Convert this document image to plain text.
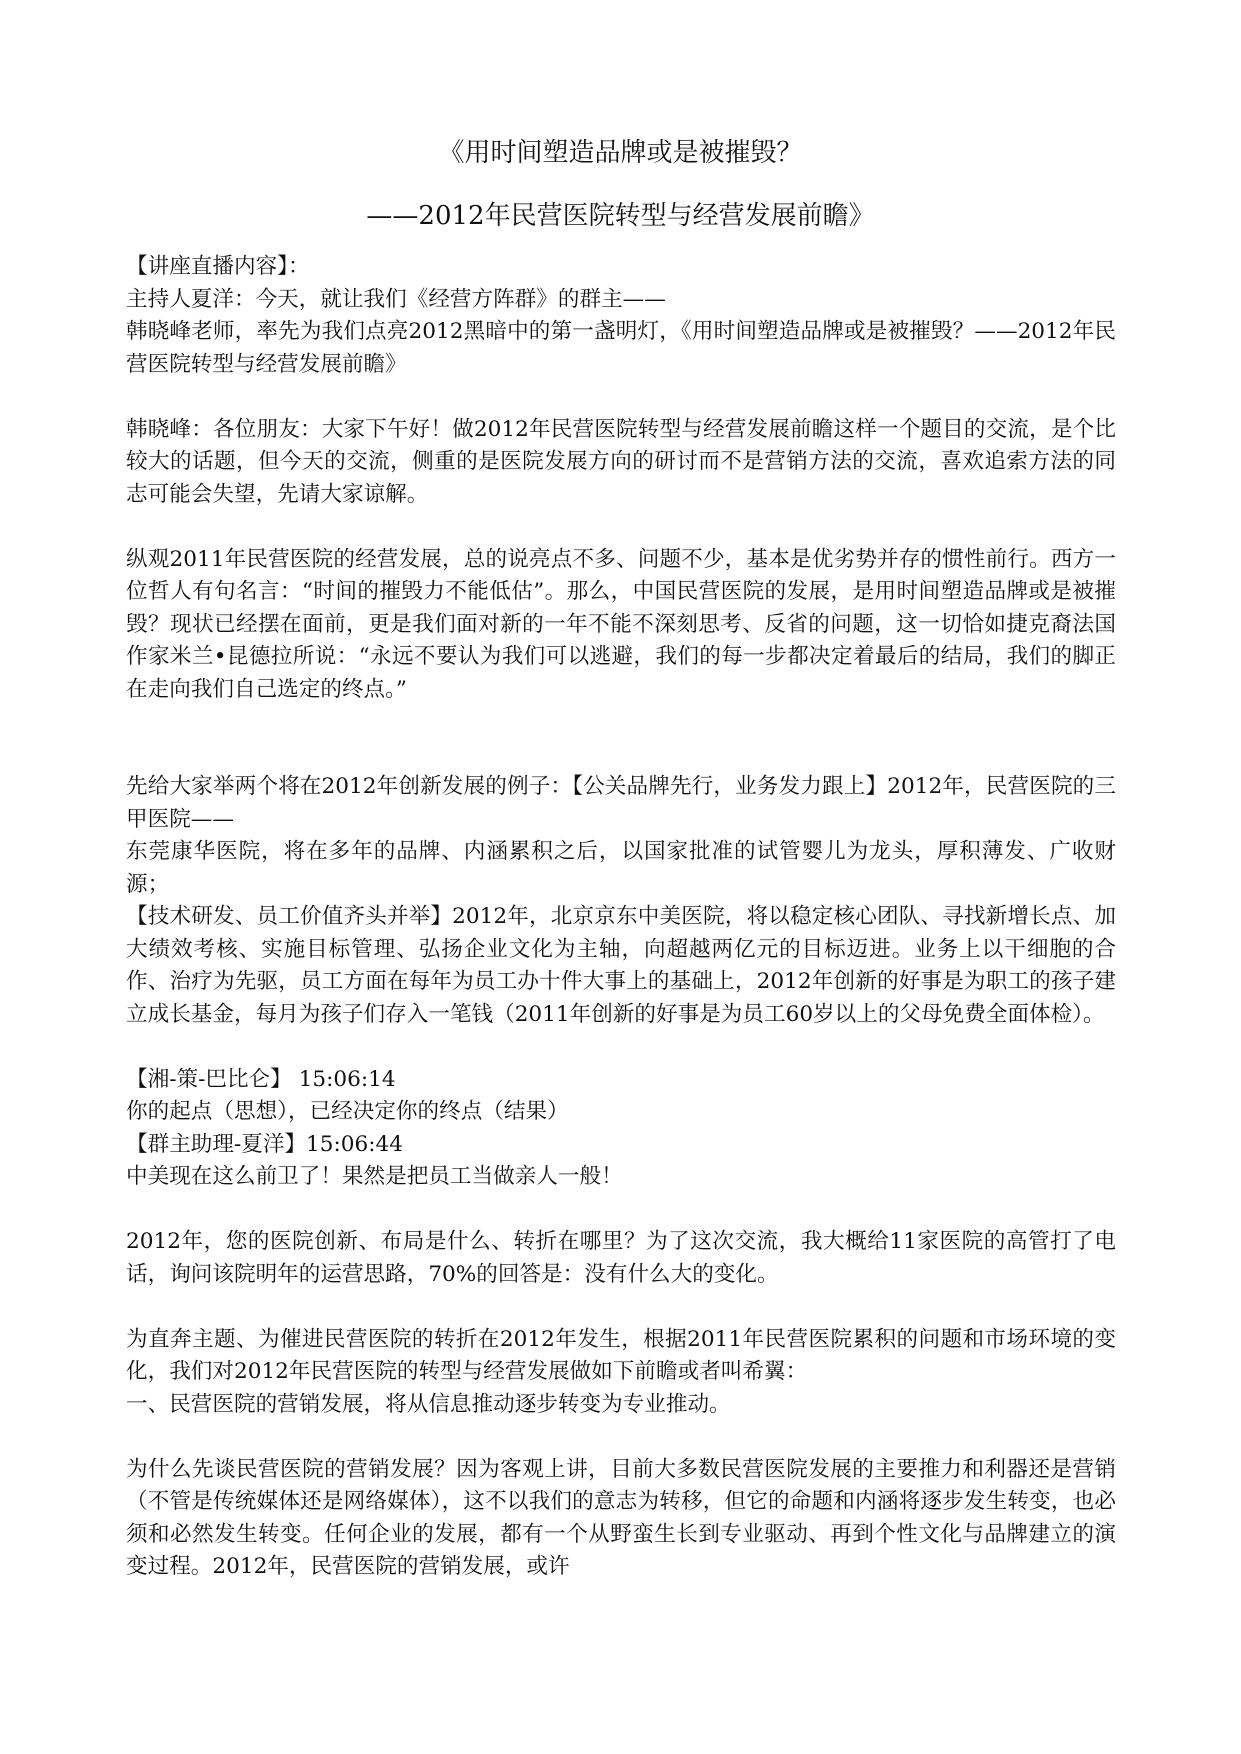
《用时间塑造品牌或是被摧毁？
——2012年民营医院转型与经营发展前瞻》

【讲座直播内容】：

主持人夏洋：今天，就让我们《经营方阵群》的群主——

韩晓峰老师，率先为我们点亮2012黑暗中的第一盏明灯，《用时间塑造品牌或是被摧毁？——2012年民营医院转型与经营发展前瞻》

韩晓峰：各位朋友：大家下午好！做2012年民营医院转型与经营发展前瞻这样一个题目的交流，是个比较大的话题，但今天的交流，侧重的是医院发展方向的研讨而不是营销方法的交流，喜欢追索方法的同志可能会失望，先请大家谅解。

纵观2011年民营医院的经营发展，总的说亮点不多、问题不少，基本是优劣势并存的惯性前行。西方一位哲人有句名言：“时间的摧毁力不能低估”。那么，中国民营医院的发展，是用时间塑造品牌或是被摧毁？现状已经摆在面前，更是我们面对新的一年不能不深刻思考、反省的问题，这一切恰如捷克裔法国作家米兰•昆德拉所说：“永远不要认为我们可以逃避，我们的每一步都决定着最后的结局，我们的脚正在走向我们自己选定的终点。”

先给大家举两个将在2012年创新发展的例子：【公关品牌先行，业务发力跟上】2012年，民营医院的三甲医院——

东莞康华医院，将在多年的品牌、内涵累积之后，以国家批准的试管婴儿为龙头，厚积薄发、广收财源；

【技术研发、员工价值齐头并举】2012年，北京京东中美医院，将以稳定核心团队、寻找新增长点、加大绩效考核、实施目标管理、弘扬企业文化为主轴，向超越两亿元的目标迈进。业务上以干细胞的合作、治疗为先驱，员工方面在每年为员工办十件大事上的基础上，2012年创新的好事是为职工的孩子建立成长基金，每月为孩子们存入一笔钱（2011年创新的好事是为员工60岁以上的父母免费全面体检）。

【湘-策-巴比仑】 15:06:14

你的起点（思想），已经决定你的终点（结果）

【群主助理-夏洋】15:06:44

中美现在这么前卫了！果然是把员工当做亲人一般！

2012年，您的医院创新、布局是什么、转折在哪里？为了这次交流，我大概给11家医院的高管打了电话，询问该院明年的运营思路，70%的回答是：没有什么大的变化。

为直奔主题、为催进民营医院的转折在2012年发生，根据2011年民营医院累积的问题和市场环境的变化，我们对2012年民营医院的转型与经营发展做如下前瞻或者叫希翼：

一、民营医院的营销发展，将从信息推动逐步转变为专业推动。

为什么先谈民营医院的营销发展？因为客观上讲，目前大多数民营医院发展的主要推力和利器还是营销（不管是传统媒体还是网络媒体），这不以我们的意志为转移，但它的命题和内涵将逐步发生转变，也必须和必然发生转变。任何企业的发展，都有一个从野蛮生长到专业驱动、再到个性文化与品牌建立的演变过程。2012年，民营医院的营销发展，或许
